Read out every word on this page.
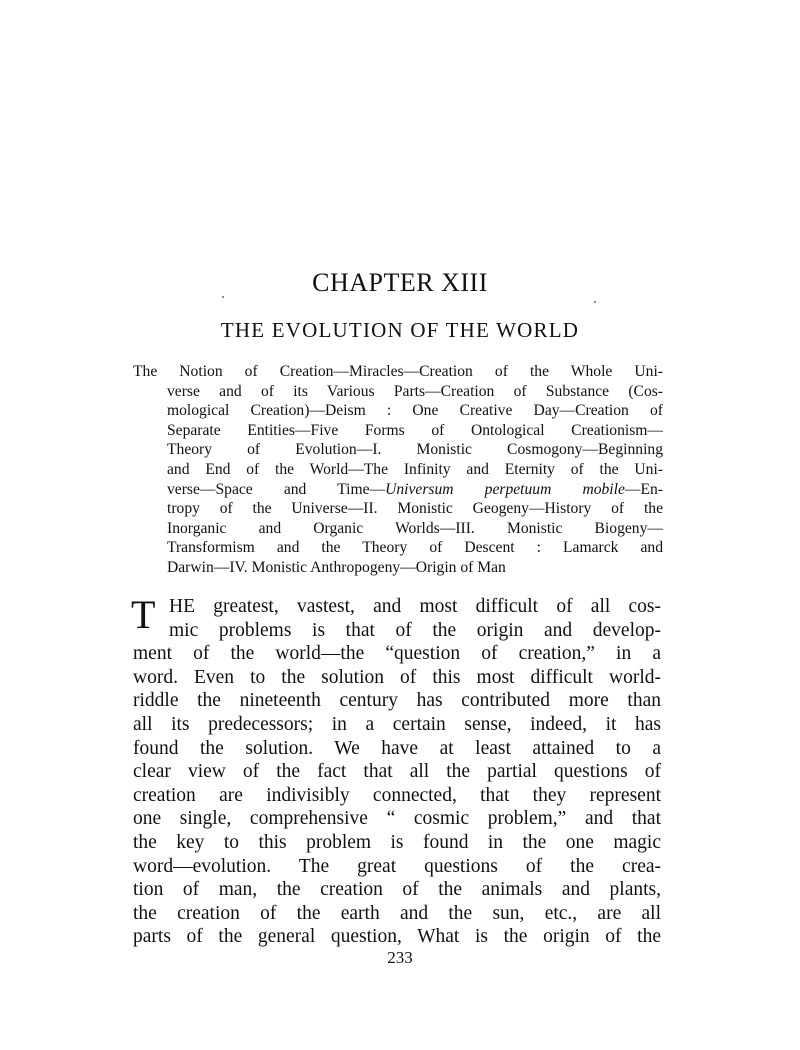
CHAPTER XIII
THE EVOLUTION OF THE WORLD
The Notion of Creation—Miracles—Creation of the Whole Uni-
verse and of its Various Parts—Creation of Substance (Cos-
mological Creation)—Deism : One Creative Day—Creation of
Separate Entities—Five Forms of Ontological Creationism—
Theory of Evolution—I. Monistic Cosmogony—Beginning
and End of the World—The Infinity and Eternity of the Uni-
verse—Space and Time—Universum perpetuum mobile—En-
tropy of the Universe—II. Monistic Geogeny—History of the
Inorganic and Organic Worlds—III. Monistic Biogeny—
Transformism and the Theory of Descent : Lamarck and
Darwin—IV. Monistic Anthropogeny—Origin of Man
T HE greatest, vastest, and most difficult of all cos-
mic problems is that of the origin and develop-
ment of the world—the “question of creation,” in a
word. Even to the solution of this most difficult world-
riddle the nineteenth century has contributed more than
all its predecessors; in a certain sense, indeed, it has
found the solution. We have at least attained to a
clear view of the fact that all the partial questions of
creation are indivisibly connected, that they represent
one single, comprehensive “ cosmic problem,” and that
the key to this problem is found in the one magic
word—evolution. The great questions of the crea-
tion of man, the creation of the animals and plants,
the creation of the earth and the sun, etc., are all
parts of the general question, What is the origin of the
233
